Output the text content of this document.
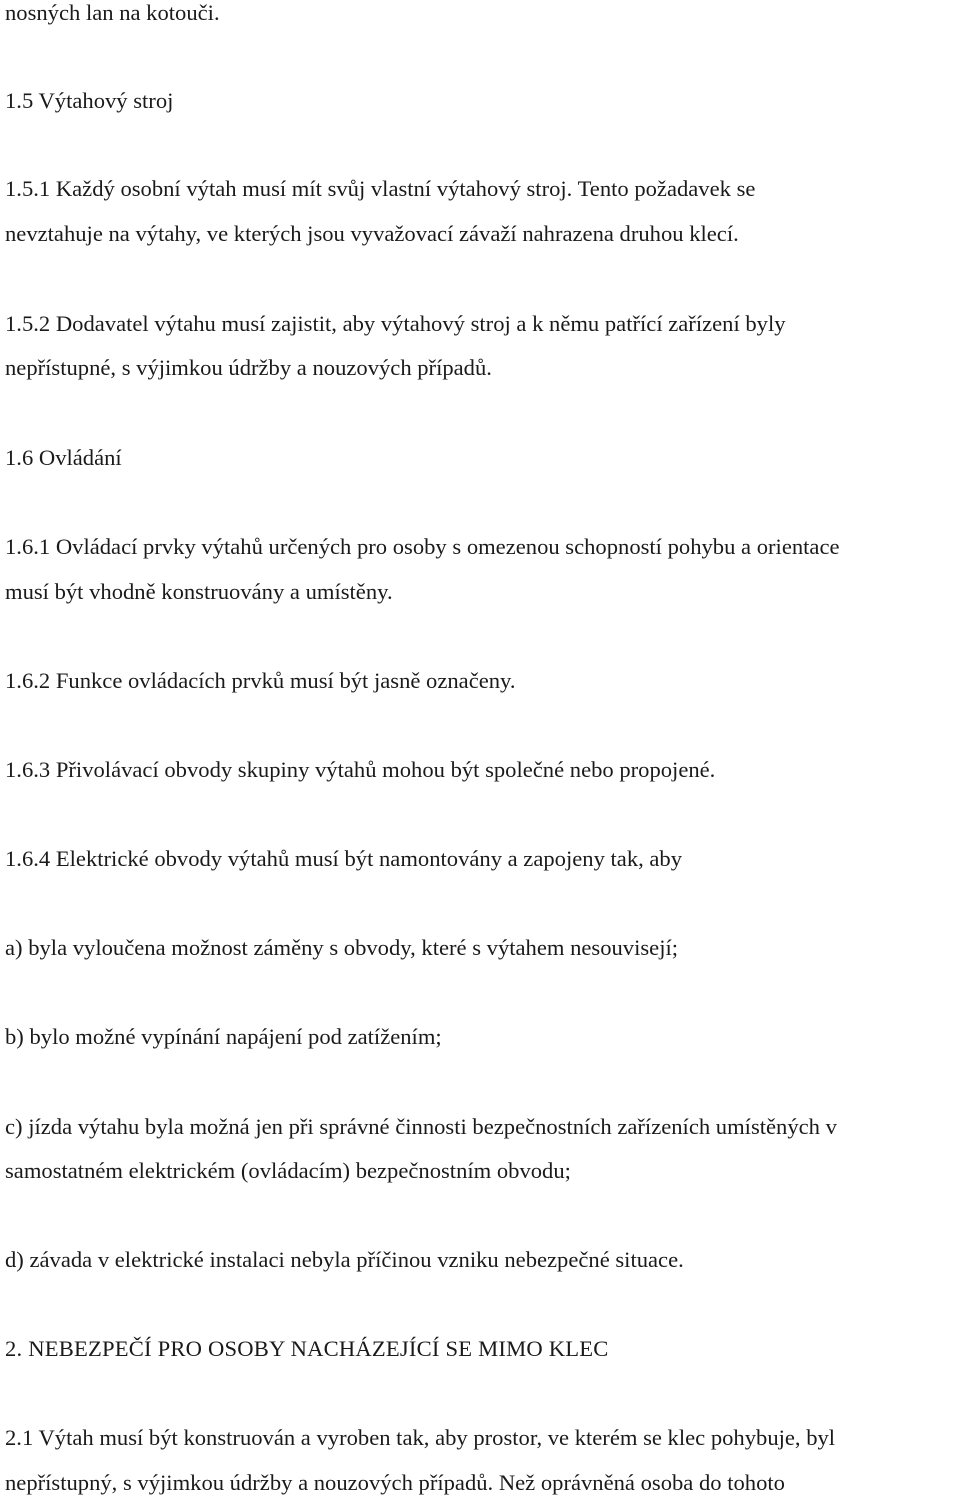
nosných lan na kotouči.
1.5 Výtahový stroj
1.5.1 Každý osobní výtah musí mít svůj vlastní výtahový stroj. Tento požadavek se
nevztahuje na výtahy, ve kterých jsou vyvažovací závaží nahrazena druhou klecí.
1.5.2 Dodavatel výtahu musí zajistit, aby výtahový stroj a k němu patřící zařízení byly
nepřístupné, s výjimkou údržby a nouzových případů.
1.6 Ovládání
1.6.1 Ovládací prvky výtahů určených pro osoby s omezenou schopností pohybu a orientace
musí být vhodně konstruovány a umístěny.
1.6.2 Funkce ovládacích prvků musí být jasně označeny.
1.6.3 Přivolávací obvody skupiny výtahů mohou být společné nebo propojené.
1.6.4 Elektrické obvody výtahů musí být namontovány a zapojeny tak, aby
a) byla vyloučena možnost záměny s obvody, které s výtahem nesouvisejí;
b) bylo možné vypínání napájení pod zatížením;
c) jízda výtahu byla možná jen při správné činnosti bezpečnostních zařízeních umístěných v
samostatném elektrickém (ovládacím) bezpečnostním obvodu;
d) závada v elektrické instalaci nebyla příčinou vzniku nebezpečné situace.
2. NEBEZPEČÍ PRO OSOBY NACHÁZEJÍCÍ SE MIMO KLEC
2.1 Výtah musí být konstruován a vyroben tak, aby prostor, ve kterém se klec pohybuje, byl
nepřístupný, s výjimkou údržby a nouzových případů. Než oprávněná osoba do tohoto
